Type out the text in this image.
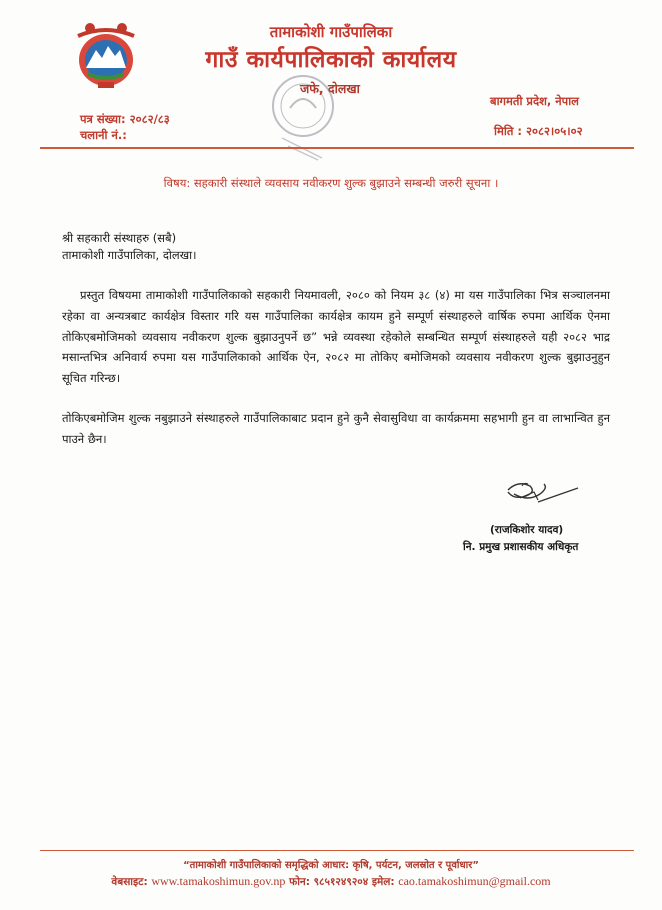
तामाकोशी गाउँपालिका
गाउँ कार्यपालिकाको कार्यालय
जफे, दोलखा
बागमती प्रदेश, नेपाल
पत्र संख्या: २०८२/८३
चलानी नं.:	मिति : २०८२।०५।०२
विषय: सहकारी संस्थाले व्यवसाय नवीकरण शुल्क बुझाउने सम्बन्धी जरुरी सूचना ।
श्री सहकारी संस्थाहरु (सबै)
तामाकोशी गाउँपालिका, दोलखा।
प्रस्तुत विषयमा तामाकोशी गाउँपालिकाको सहकारी नियमावली, २०८० को नियम ३८ (४) मा यस गाउँपालिका भित्र सञ्चालनमा रहेका वा अन्यत्रबाट कार्यक्षेत्र विस्तार गरि यस गाउँपालिका कार्यक्षेत्र कायम हुने सम्पूर्ण संस्थाहरुले वार्षिक रुपमा आर्थिक ऐनमा तोकिएबमोजिमको व्यवसाय नवीकरण शुल्क बुझाउनुपर्ने छ” भन्ने व्यवस्था रहेकोले सम्बन्धित सम्पूर्ण संस्थाहरुले यही २०८२ भाद्र मसान्तभित्र अनिवार्य रुपमा यस गाउँपालिकाको आर्थिक ऐन, २०८२ मा तोकिए बमोजिमको व्यवसाय नवीकरण शुल्क बुझाउनुहुन सूचित गरिन्छ।
तोकिएबमोजिम शुल्क नबुझाउने संस्थाहरुले गाउँपालिकाबाट प्रदान हुने कुनै सेवासुविधा वा कार्यक्रममा सहभागी हुन वा लाभान्वित हुन पाउने छैन।
(राजकिशोर यादव)
नि. प्रमुख प्रशासकीय अधिकृत
“तामाकोशी गाउँपालिकाको समृद्धिको आधार: कृषि, पर्यटन, जलस्रोत र पूर्वाधार”
वेबसाइट: www.tamakoshimun.gov.np फोन: ९८५१२४९२०४ इमेल: cao.tamakoshimun@gmail.com
